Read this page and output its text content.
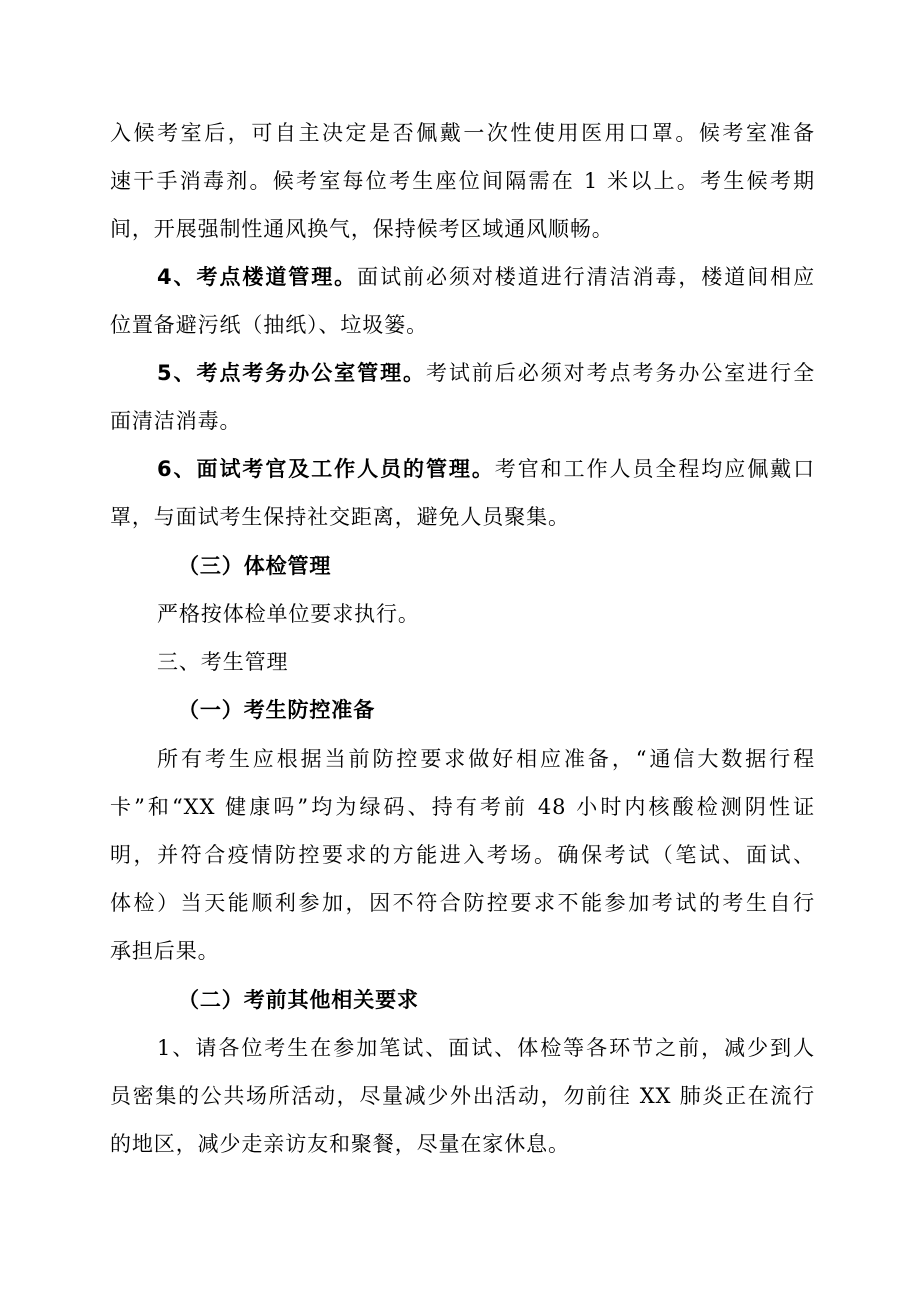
入候考室后，可自主决定是否佩戴一次性使用医用口罩。候考室准备
速干手消毒剂。候考室每位考生座位间隔需在 1 米以上。考生候考期
间，开展强制性通风换气，保持候考区域通风顺畅。
4、考点楼道管理。面试前必须对楼道进行清洁消毒，楼道间相应
位置备避污纸（抽纸）、垃圾篓。
5、考点考务办公室管理。考试前后必须对考点考务办公室进行全
面清洁消毒。
6、面试考官及工作人员的管理。考官和工作人员全程均应佩戴口
罩，与面试考生保持社交距离，避免人员聚集。
（三）体检管理
严格按体检单位要求执行。
三、考生管理
（一）考生防控准备
所有考生应根据当前防控要求做好相应准备，“通信大数据行程
卡”和“XX 健康吗”均为绿码、持有考前 48 小时内核酸检测阴性证
明，并符合疫情防控要求的方能进入考场。确保考试（笔试、面试、
体检）当天能顺利参加，因不符合防控要求不能参加考试的考生自行
承担后果。
（二）考前其他相关要求
1、请各位考生在参加笔试、面试、体检等各环节之前，减少到人
员密集的公共场所活动，尽量减少外出活动，勿前往 XX 肺炎正在流行
的地区，减少走亲访友和聚餐，尽量在家休息。
